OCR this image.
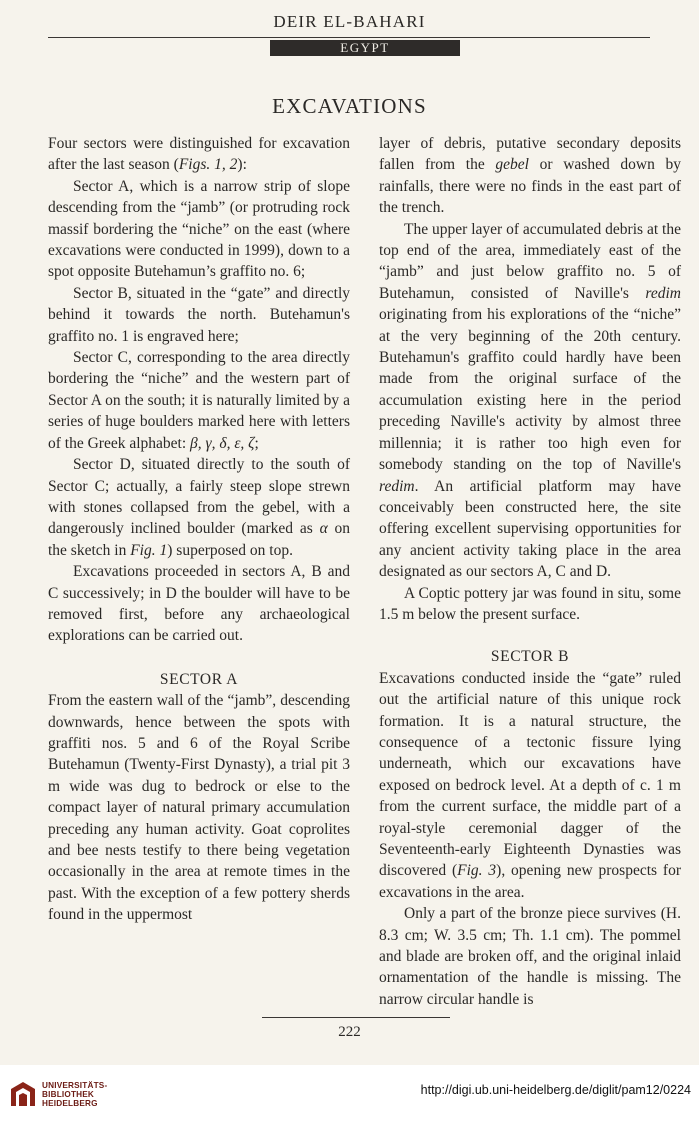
DEIR EL-BAHARI
EGYPT
EXCAVATIONS

Four sectors were distinguished for excavation after the last season (Figs. 1, 2):

Sector A, which is a narrow strip of slope descending from the “jamb” (or protruding rock massif bordering the “niche” on the east (where excavations were conducted in 1999), down to a spot opposite Butehamun’s graffito no. 6;

Sector B, situated in the “gate” and directly behind it towards the north. Butehamun's graffito no. 1 is engraved here;

Sector C, corresponding to the area directly bordering the “niche” and the western part of Sector A on the south; it is naturally limited by a series of huge boulders marked here with letters of the Greek alphabet: β, γ, δ, ε, ζ;

Sector D, situated directly to the south of Sector C; actually, a fairly steep slope strewn with stones collapsed from the gebel, with a dangerously inclined boulder (marked as α on the sketch in Fig. 1) superposed on top.

Excavations proceeded in sectors A, B and C successively; in D the boulder will have to be removed first, before any archaeological explorations can be carried out.

SECTOR A

From the eastern wall of the “jamb”, descending downwards, hence between the spots with graffiti nos. 5 and 6 of the Royal Scribe Butehamun (Twenty-First Dynasty), a trial pit 3 m wide was dug to bedrock or else to the compact layer of natural primary accumulation preceding any human activity. Goat coprolites and bee nests testify to there being vegetation occasionally in the area at remote times in the past. With the exception of a few pottery sherds found in the uppermost

layer of debris, putative secondary deposits fallen from the gebel or washed down by rainfalls, there were no finds in the east part of the trench.

The upper layer of accumulated debris at the top end of the area, immediately east of the “jamb” and just below graffito no. 5 of Butehamun, consisted of Naville's redim originating from his explorations of the “niche” at the very beginning of the 20th century. Butehamun's graffito could hardly have been made from the original surface of the accumulation existing here in the period preceding Naville's activity by almost three millennia; it is rather too high even for somebody standing on the top of Naville's redim. An artificial platform may have conceivably been constructed here, the site offering excellent supervising opportunities for any ancient activity taking place in the area designated as our sectors A, C and D.

A Coptic pottery jar was found in situ, some 1.5 m below the present surface.

SECTOR B

Excavations conducted inside the “gate” ruled out the artificial nature of this unique rock formation. It is a natural structure, the consequence of a tectonic fissure lying underneath, which our excavations have exposed on bedrock level. At a depth of c. 1 m from the current surface, the middle part of a royal-style ceremonial dagger of the Seventeenth-early Eighteenth Dynasties was discovered (Fig. 3), opening new prospects for excavations in the area.

Only a part of the bronze piece survives (H. 8.3 cm; W. 3.5 cm; Th. 1.1 cm). The pommel and blade are broken off, and the original inlaid ornamentation of the handle is missing. The narrow circular handle is

222
UNIVERSITÄTS-
BIBLIOTHEK
HEIDELBERG
http://digi.ub.uni-heidelberg.de/diglit/pam12/0224
